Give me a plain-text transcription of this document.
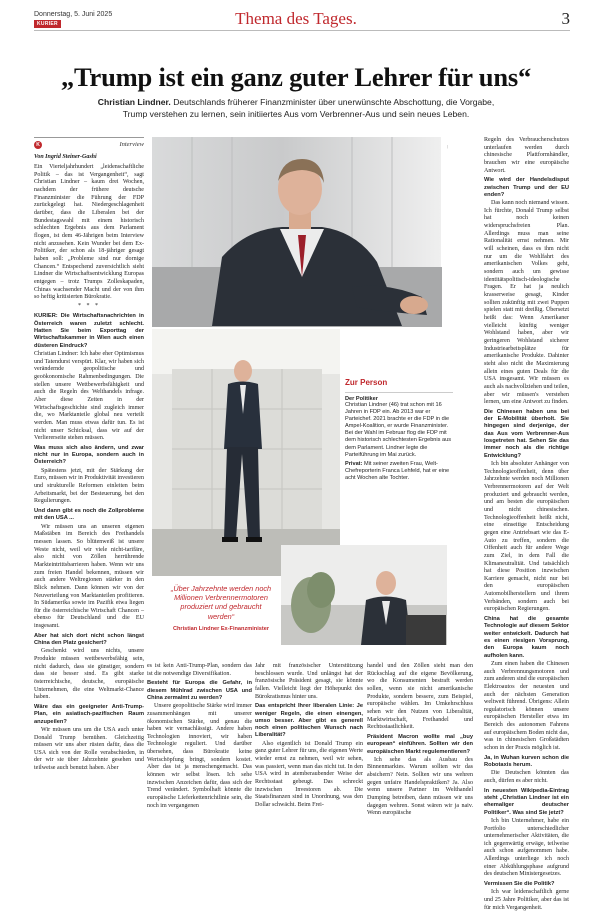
Donnerstag, 5. Juni 2025
KURIER	Thema des Tages.	3
„Trump ist ein ganz guter Lehrer für uns“

Christian Lindner. Deutschlands früherer Finanzminister über unerwünschte Abschottung, die Vorgabe, Trump verstehen zu lernen, sein initiiertes Aus vom Verbrenner-Aus und sein neues Leben.

K	Interview
Von Ingrid Steiner-Gashi
—
Zur Person
Der Politiker

Christian Lindner (46) trat schon mit 16 Jahren in FDP ein. Ab 2013 war er Parteichef. 2021 brachte er die FDP in die Ampel-Koalition, er wurde Finanzminister. Bei der Wahl im Februar flog die FDP mit dem historisch schlechtesten Ergebnis aus dem Parlament. Lindner legte die Parteiführung im Mai zurück.

Privat: Mit seiner zweiten Frau, Welt-Chefreporterin Franca Lehfeld, hat er eine acht Wochen alte Tochter.

„Über Jahrzehnte werden noch Millionen Verbrennermotoren produziert und gebraucht werden“

Christian Lindner Ex-Finanzminister

Ein Vierteljahrhundert „leidenschaftliche Politik – das ist Vergangenheit“, sagt Christian Lindner – kaum drei Wochen, nachdem der frühere deutsche Finanzminister die Führung der FDP zurückgelegt hat. Niedergeschlagenheit darüber, dass die Liberalen bei der Bundestagswahl mit einem historisch schlechten Ergebnis aus dem Parlament flogen, ist dem 46-Jährigen beim Interview nicht anzusehen. Kein Wunder bei dem Ex-Politiker, der schon als 18-jähriger gesagt haben soll: „Probleme sind nur dornige Chancen.“ Entspechend zuversichtlich sieht Lindner die Wirtschaftsentwicklung Europas entgegen – trotz Trumps Zolleskapaden, Chinas wachsender Macht und der von ihm so heftig kritisierten Bürokratie.

* * *

KURIER: Die Wirtschaftsnachrichten in Österreich waren zuletzt schlecht. Hatten Sie beim Exporttag der Wirtschaftskammer in Wien auch einen düsteren Eindruck?

Christian Lindner: Ich habe eher Optimismus und Tatendurst verspürt. Klar, wir haben sich verändernde geopolitische und geoökonomische Rahmenbedingungen. Die stellen unsere Wettbewerbsfähigkeit und auch die Regeln des Welthandels infrage. Aber diese Zeiten in der Wirtschaftsgeschichte sind zugleich immer die, wo Marktanteile global neu verteilt werden. Man muss etwas dafür tun. Es ist nicht unser Schicksal, dass wir auf der Verliererseite stehen müssen.

Was muss sich also ändern, und zwar nicht nur in Europa, sondern auch in Österreich?

Spätestens jetzt, mit der Stärkung der Euro, müssen wir in Produktivität investieren und strukturelle Reformen einleiten beim Arbeitsmarkt, bei der Besteuerung, bei den Regulierungen.

Und dann gibt es noch die Zollprobleme mit den USA ...

Wir müssen uns an unseren eigenen Maßstäben im Bereich des Freihandels messen lassen. So blütenweiß ist unsere Weste nicht, weil wir viele nicht-tarifäre, also nicht von Zöllen herrührende Markteintrittsbarrieren haben. Wenn wir uns zum freien Handel bekennen, müssen wir auch andere Weltregionen stärker in den Blick nehmen. Dann können wir von der Neuverteilung von Marktanteilen profitieren. In Südamerika sowie im Pazifik etwa liegen für die österreichische Wirtschaft Chancen – ebenso für Deutschland und die EU insgesamt.

Aber hat sich dort nicht schon längst China den Platz gesichert?

Geschenkt wird uns nichts, unsere Produkte müssen wettbewerbsfähig sein, nicht dadurch, dass sie günstiger, sondern dass sie besser sind. Es gibt starke österreichische, deutsche, europäische Unternehmen, die eine Weltmarkt-Chance haben.

Wäre das ein geeigneter Anti-Trump-Plan, ein asiatisch-pazifischen Raum anzupeilen?

Wir müssen uns um die USA auch unter Donald Trump bemühen. Gleichzeitig müssen wir uns aber rüsten dafür, dass die USA sich von der Rolle verabschieden, in der wir sie über Jahrzehnte gesehen und teilweise auch benutzt haben. Aber

es ist kein Anti-Trump-Plan, sondern das ist die notwendige Diversifikation.

Besteht für Europa die Gefahr, in diesem Mühlrad zwischen USA und China zermalmt zu werden?

Unsere geopolitische Stärke wird immer zusammenhängen mit unserer ökonomischen Stärke, und genau die haben wir vernachlässigt. Andere haben Technologien innoviert, wir haben Technologie reguliert. Und darüber übersehen, dass Bürokratie keine Wertschöpfung bringt, sondern kostet. Aber das ist ja menschengemacht. Das können wir selbst lösen. Ich sehe inzwischen Anzeichen dafür, dass sich der Trend verändert. Symbolhaft könnte die europäische Lieferkettenrichtlinie sein, die noch im vergangenen

Jahr mit französischer Unterstützung beschlossen wurde. Und unlängst hat der französische Präsident gesagt, sie könnte fallen. Vielleicht liegt der Höhepunkt des Bürokratismus hinter uns.

Das entspricht Ihrer liberalen Linie: Je weniger Regeln, die einen einengen, umso besser. Aber gibt es generell noch einen politischen Wunsch nach Liberalität?

Also eigentlich ist Donald Trump ein ganz guter Lehrer für uns, die eigenen Werte wieder ernst zu nehmen, weil wir sehen, was passiert, wenn man das nicht tut. In den USA wird in atemberaubender Weise der Rechtsstaat gebeugt. Das schreckt inzwischen Investoren ab. Die Staatsfinanzen sind in Unordnung, was den Dollar schwächt. Beim Frei-

handel und den Zöllen sieht man den Rückschlag auf die eigene Bevölkerung, wo die Konsumenten bestraft werden sollen, wenn sie nicht amerikanische Produkte, sondern bessere, zum Beispiel, europäische wählen. Im Umkehrschluss sehen wir den Nutzen von Liberalität, Marktwirtschaft, Freihandel und Rechtsstaatlichkeit.

Präsident Macron wollte mal „buy european“ einführen. Sollten wir den europäischen Markt regulementieren?

Ich sehe das als Ausbau des Binnenmarktes. Warum sollten wir das absichern? Nein. Sollten wir uns wehren gegen unfaire Handelspraktiken? Ja. Also wenn unsere Partner im Welthandel Dumping betreiben, dann müssen wir uns dagegen wehren. Sonst wären wir ja naiv. Wenn europäische

Regeln des Verbraucherschutzes unterlaufen werden durch chinesische Plattformhändler, brauchen wir eine europäische Antwort.

Wie wird der Handelsdisput zwischen Trump und der EU enden?

Das kann noch niemand wissen. Ich fürchte, Donald Trump selbst hat noch keinen widerspruchsfreien Plan. Allerdings muss man seine Rationalität ernst nehmen. Mir will scheinen, dass es ihm nicht nur um die Wohlfahrt des amerikanischen Volkes geht, sondern auch um gewisse identitätspolitisch-ideologische Fragen. Er hat ja neulich krasserweise gesagt, Kinder sollten zukünftig mit zwei Puppen spielen statt mit dreißig. Übersetzt heißt das: Wenn Amerikaner vielleicht künftig weniger Wohlstand haben, aber wir geringeren Wohlstand sicherer Industriearbeitsplätze für amerikanische Produkte. Dahinter steht also nicht die Maximierung allein eines guten Deals für die USA insgesamt. Wir müssen es auch als nachvollziehen und teilen, aber wir müssen's verstehen lernen, um eine Antwort zu finden.

Die Chinesen haben uns bei der E-Mobilität überholt. Sie hingegen sind derjenige, der das Aus vom Verbrenner-Aus losgetreten hat. Sehen Sie das immer noch als die richtige Entwicklung?

Ich bin absoluter Anhänger von Technologieoffenheit, denn über Jahrzehnte werden noch Millionen Verbrennermotoren auf der Welt produziert und gebraucht werden, und am besten die europäischen und nicht chinesischen. Technologieoffenheit heißt nicht, eine einseitige Entscheidung gegen eine Antriebsart wie das E-Auto zu treffen, sondern die Offenheit auch für andere Wege zum Ziel, in dem Fall die Klimaneutralität. Und tatsächlich hat diese Position inzwischen Karriere gemacht, nicht nur bei den europäischen Automobilherstellern und ihrem Verbänden, sondern auch bei europäischen Regierungen.

China hat die gesamte Technologie auf diesem Sektor weiter entwickelt. Dadurch hat es einen riesigen Vorsprung, den Europa kaum noch aufholen kann.

Zum einen haben die Chinesen auch Verbrennungsmotoren und zum anderen sind die europäischen Elektroautos der neuesten und auch der nächsten Generation weltweit führend. Übrigens: Allein regulatorisch können unsere europäischen Hersteller etwa im Bereich des autonomen Fahrens auf europäischem Boden nicht das, was in chinesischen Großstädten schon in der Praxis möglich ist.

Ja, in Wuhan kurven schon die Robotaxis herum.

Die Deutschen könnten das auch, dürfen es aber nicht.

In neuesten Wikipedia-Eintrag steht „Christian Lindner ist ein ehemaliger deutscher Politiker“. Was sind Sie jetzt?

Ich bin Unternehmer, habe ein Portfolio unterschiedlicher unternehmerischer Aktivitäten, die ich gegenwärtig erwäge, teilweise auch schon aufgenommen habe. Allerdings unterliege ich noch einer Abkühlungsphase aufgrund des deutschen Ministergesetzes.

Vermissen Sie die Politik?

Ich war leidenschaftlich gerne und 25 Jahre Politiker, aber das ist für mich Vergangenheit.
